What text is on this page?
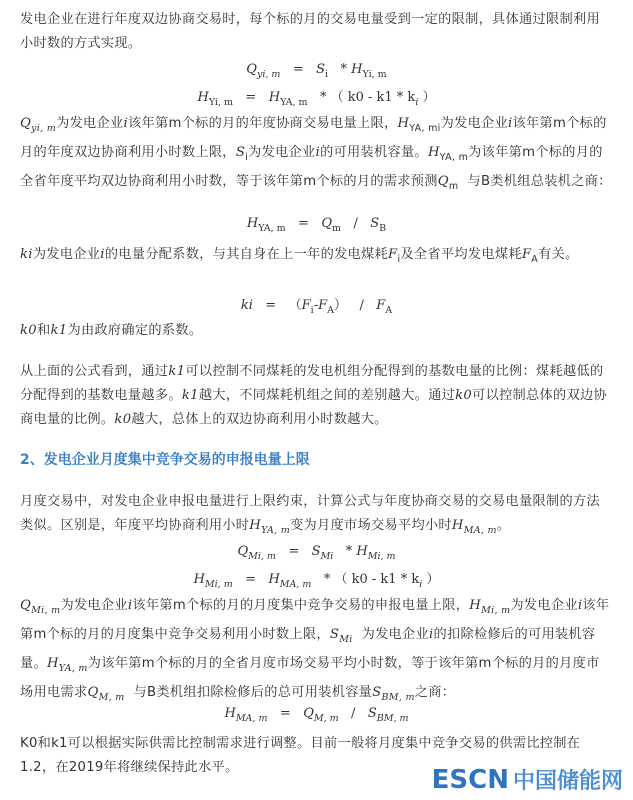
发电企业在进行年度双边协商交易时，每个标的月的交易电量受到一定的限制，具体通过限制利用小时数的方式实现。
$Q_{yi, m} = S_i * H_{Yi, m}$
$H_{Yi, m} = H_{YA, m}$ * （ $k0 - k1 * k_i$ ）
$Q_{yi, m}$为发电企业i该年第m个标的月的年度协商交易电量上限，$H_{YA, mi}$为发电企业i该年第m个标的月的年度双边协商利用小时数上限，$S_i$为发电企业i的可用装机容量。$H_{YA, m}$为该年第m个标的月的全省年度平均双边协商利用小时数，等于该年第m个标的月的需求预测$Q_m$ 与B类机组总装机之商：
$H_{YA, m} = Q_m / S_B$
ki为发电企业i的电量分配系数，与其自身在上一年的发电煤耗$F_i$及全省平均发电煤耗$F_A$有关。
ki = $(F_i-F_A) / F_A$
k0和k1为由政府确定的系数。
从上面的公式看到，通过k1可以控制不同煤耗的发电机组分配得到的基数电量的比例：煤耗越低的分配得到的基数电量越多。k1越大，不同煤耗机组之间的差别越大。通过k0可以控制总体的双边协商电量的比例。k0越大，总体上的双边协商利用小时数越大。
2、发电企业月度集中竞争交易的申报电量上限
月度交易中，对发电企业申报电量进行上限约束，计算公式与年度协商交易的交易电量限制的方法类似。区别是，年度平均协商利用小时$H_{YA, m}$变为月度市场交易平均小时$H_{MA, m}$。
$Q_{Mi, m} = S_{Mi} * H_{Mi, m}$
$H_{Mi, m} = H_{MA, m}$ * （ $k0 - k1 * k_i$ ）
$Q_{Mi, m}$为发电企业i该年第m个标的月的月度集中竞争交易的申报电量上限，$H_{Mi, m}$为发电企业i该年第m个标的月的月度集中竞争交易利用小时数上限，$S_{Mi}$ 为发电企业i的扣除检修后的可用装机容量。$H_{YA, m}$为该年第m个标的月的全省月度市场交易平均小时数，等于该年第m个标的月的月度市场用电需求$Q_{M, m}$ 与B类机组扣除检修后的总可用装机容量$S_{BM, m}$之商：
$H_{MA, m} = Q_{M, m} / S_{BM, m}$
K0和k1可以根据实际供需比控制需求进行调整。目前一般将月度集中竞争交易的供需比控制在1.2，在2019年将继续保持此水平。	ESCN 中国储能网
